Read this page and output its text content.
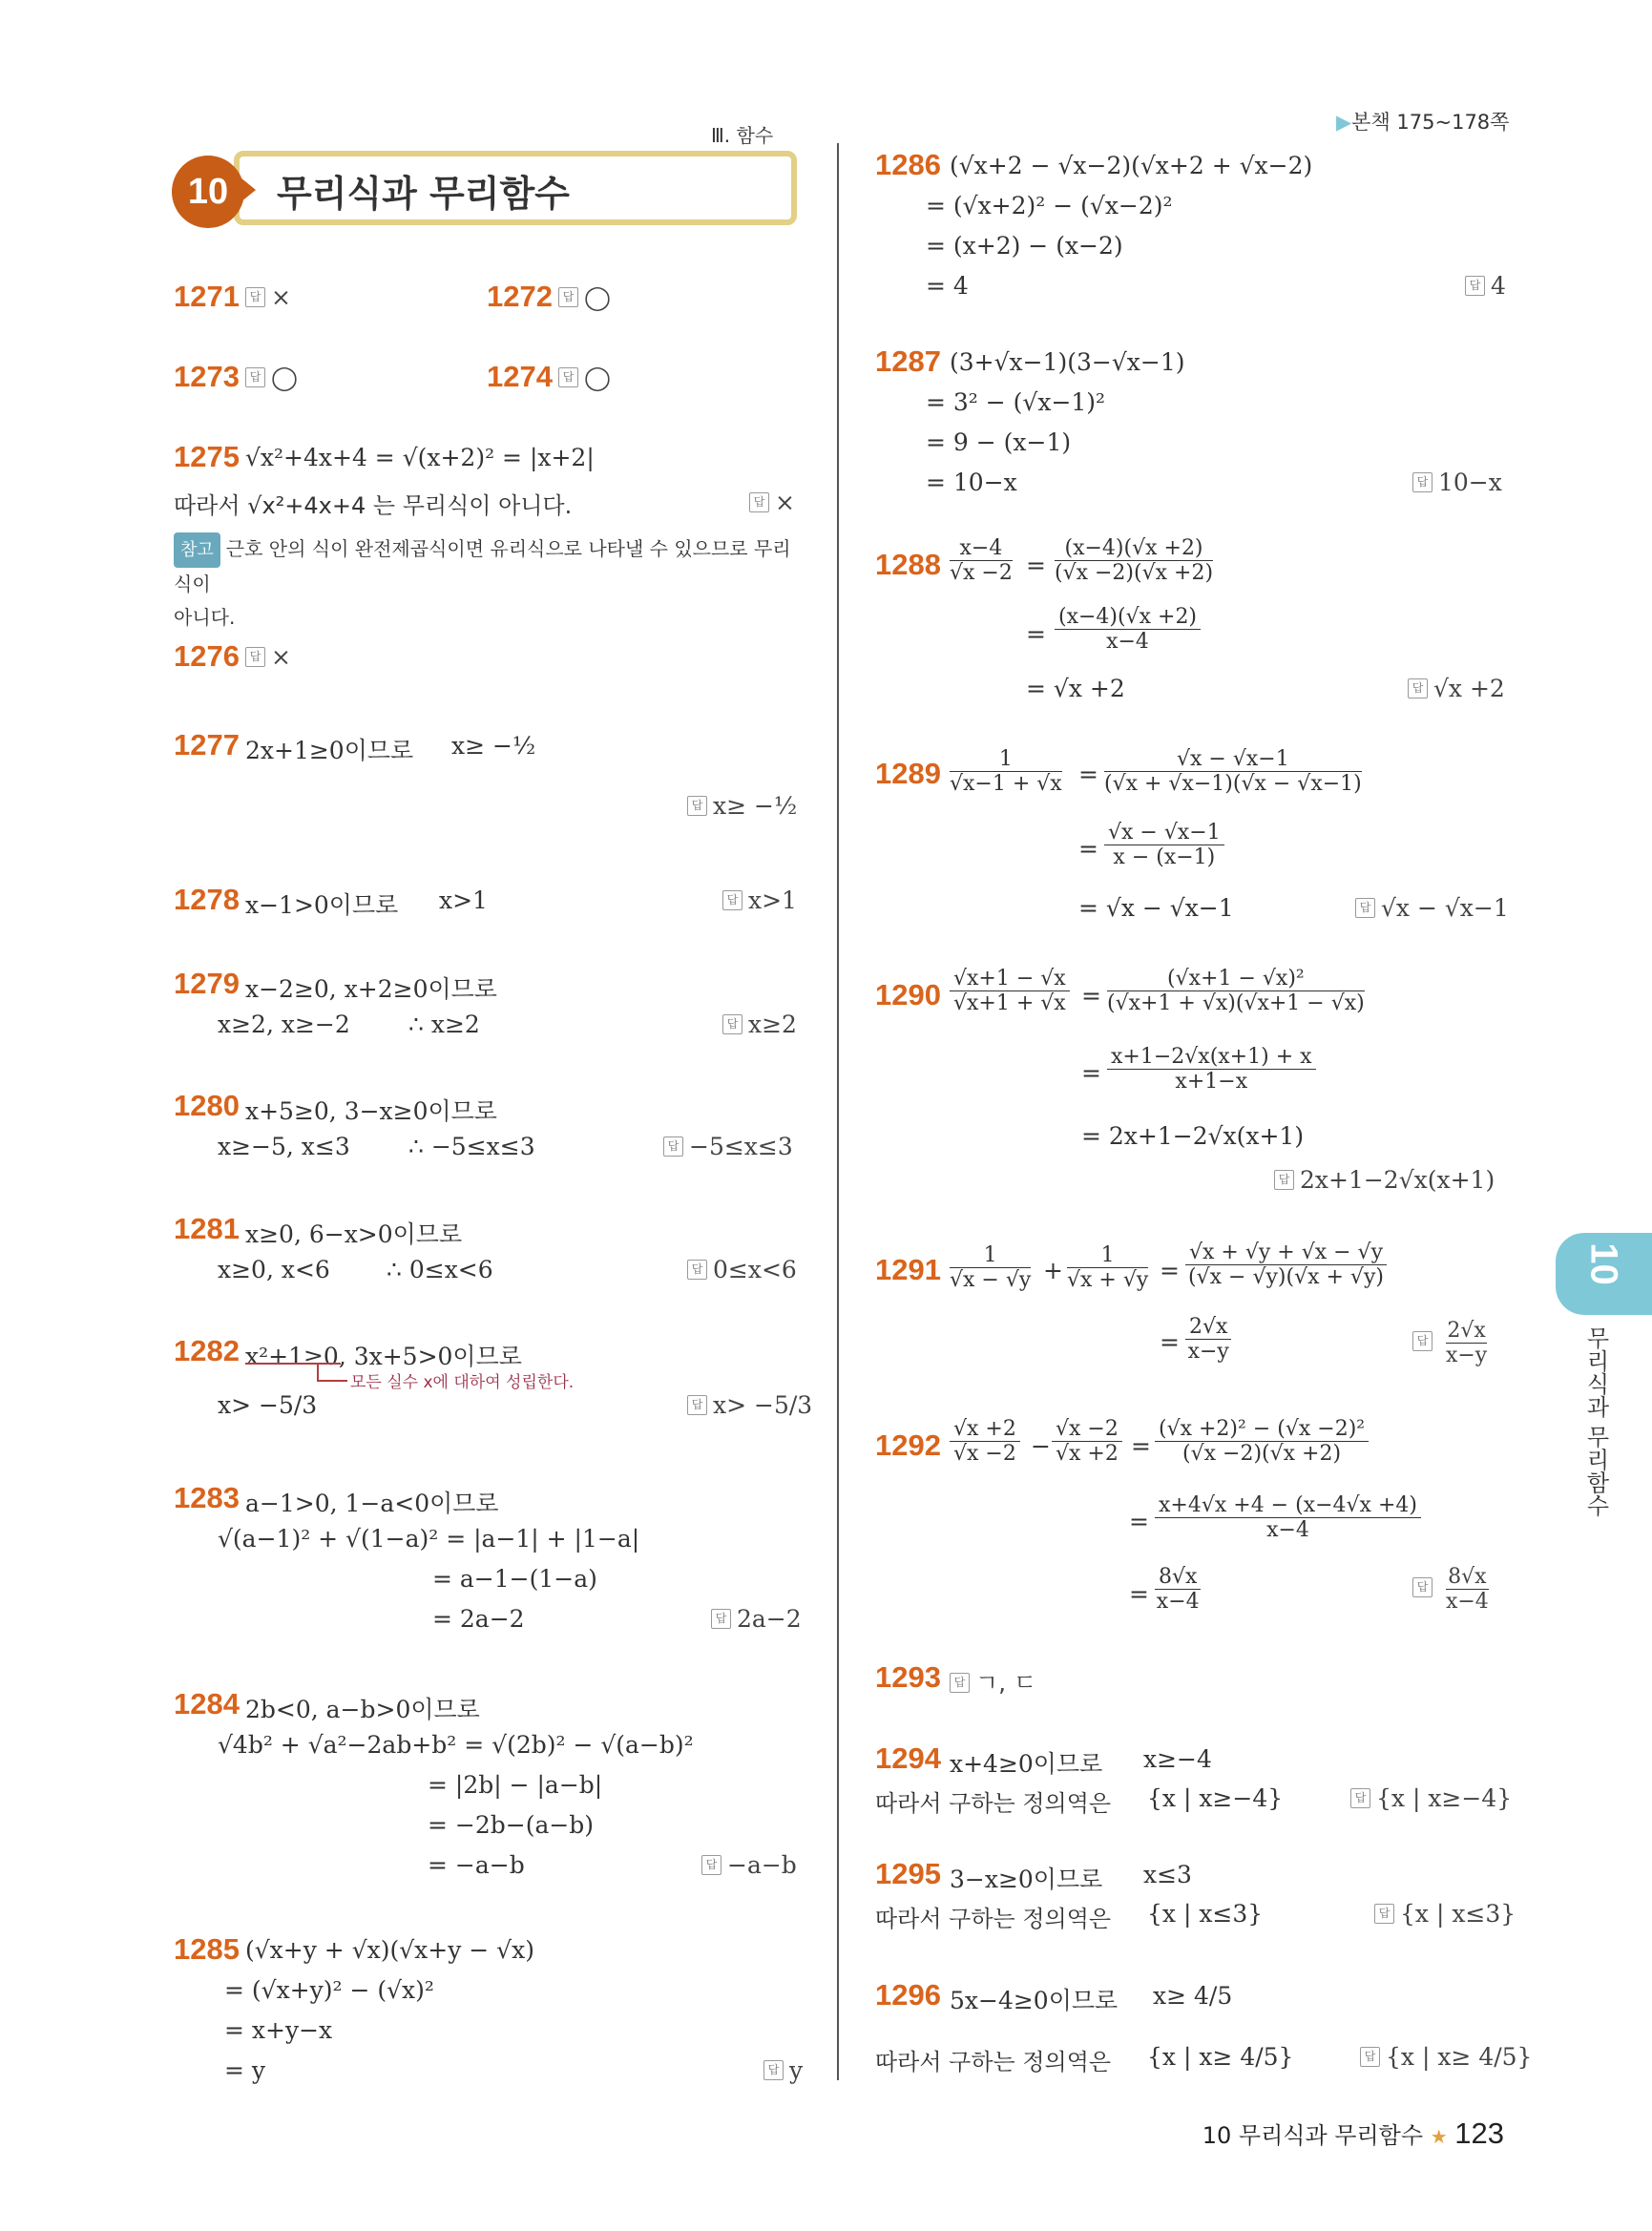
Ⅲ. 함수
▶본책 175~178쪽
10	무리식과 무리함수
10
무리식과 무리함수
1271 답 ×	1272 답 ◯
1273 답 ◯	1274 답 ◯
1275 √x²+4x+4 = √(x+2)² = |x+2|
따라서 √x²+4x+4 는 무리식이 아니다.	답 ×
참고 근호 안의 식이 완전제곱식이면 유리식으로 나타낼 수 있으므로 무리식이
아니다.
1276 답 ×
1277 2x+1≥0이므로 x≥ −½
답 x≥ −½
1278 x−1>0이므로 x>1	답 x>1
1279 x−2≥0, x+2≥0이므로
x≥2, x≥−2 ∴ x≥2	답 x≥2
1280 x+5≥0, 3−x≥0이므로
x≥−5, x≤3 ∴ −5≤x≤3	답 −5≤x≤3
1281 x≥0, 6−x>0이므로
x≥0, x<6 ∴ 0≤x<6	답 0≤x<6
1282 x²+1≥0, 3x+5>0이므로
모든 실수 x에 대하여 성립한다.
x> −5/3	답 x> −5/3
1283 a−1>0, 1−a<0이므로
√(a−1)² + √(1−a)² = |a−1| + |1−a|
= a−1−(1−a)
= 2a−2	답 2a−2
1284 2b<0, a−b>0이므로
√4b² + √a²−2ab+b² = √(2b)² − √(a−b)²
= |2b| − |a−b|
= −2b−(a−b)
= −a−b	답 −a−b
1285 (√x+y + √x)(√x+y − √x)
= (√x+y)² − (√x)²
= x+y−x
= y	답 y
1286 (√x+2 − √x−2)(√x+2 + √x−2)
= (√x+2)² − (√x−2)²
= (x+2) − (x−2)
= 4	답 4
1287 (3+√x−1)(3−√x−1)
= 3² − (√x−1)²
= 9 − (x−1)
= 10−x	답 10−x
1288 x−4
√x −2 =
(x−4)(√x +2)
(√x −2)(√x +2)
=
(x−4)(√x +2)
x−4
= √x +2	답 √x +2
1289	1
√x−1 + √x =
√x − √x−1
(√x + √x−1)(√x − √x−1)
=
√x − √x−1
x − (x−1)
= √x − √x−1	답 √x − √x−1
1290 √x+1 − √x
√x+1 + √x =
(√x+1 − √x)²
(√x+1 + √x)(√x+1 − √x)
=
x+1−2√x(x+1) + x
x+1−x
= 2x+1−2√x(x+1)
답 2x+1−2√x(x+1)
1291	1
√x − √y +
1
√x + √y =
√x + √y + √x − √y
(√x − √y)(√x + √y)
=
2√x
x−y	답 $\frac{2√x}{x-y}$
1292 √x +2
√x −2 −
√x −2
√x +2 =
(√x +2)² − (√x −2)²
(√x −2)(√x +2)
=
x+4√x +4 − (x−4√x +4)
x−4
=
8√x
x−4
답 $\frac{8√x}{x-4}$
1293	답 ㄱ, ㄷ
1294 x+4≥0이므로 x≥−4
따라서 구하는 정의역은 {x | x≥−4}	답 {x | x≥−4}
1295 3−x≥0이므로 x≤3
따라서 구하는 정의역은 {x | x≤3}	답 {x | x≤3}
1296 5x−4≥0이므로 x≥ 4/5
따라서 구하는 정의역은 {x | x≥ 4/5}	답 {x | x≥ 4/5}
10 무리식과 무리함수 ★ 123
